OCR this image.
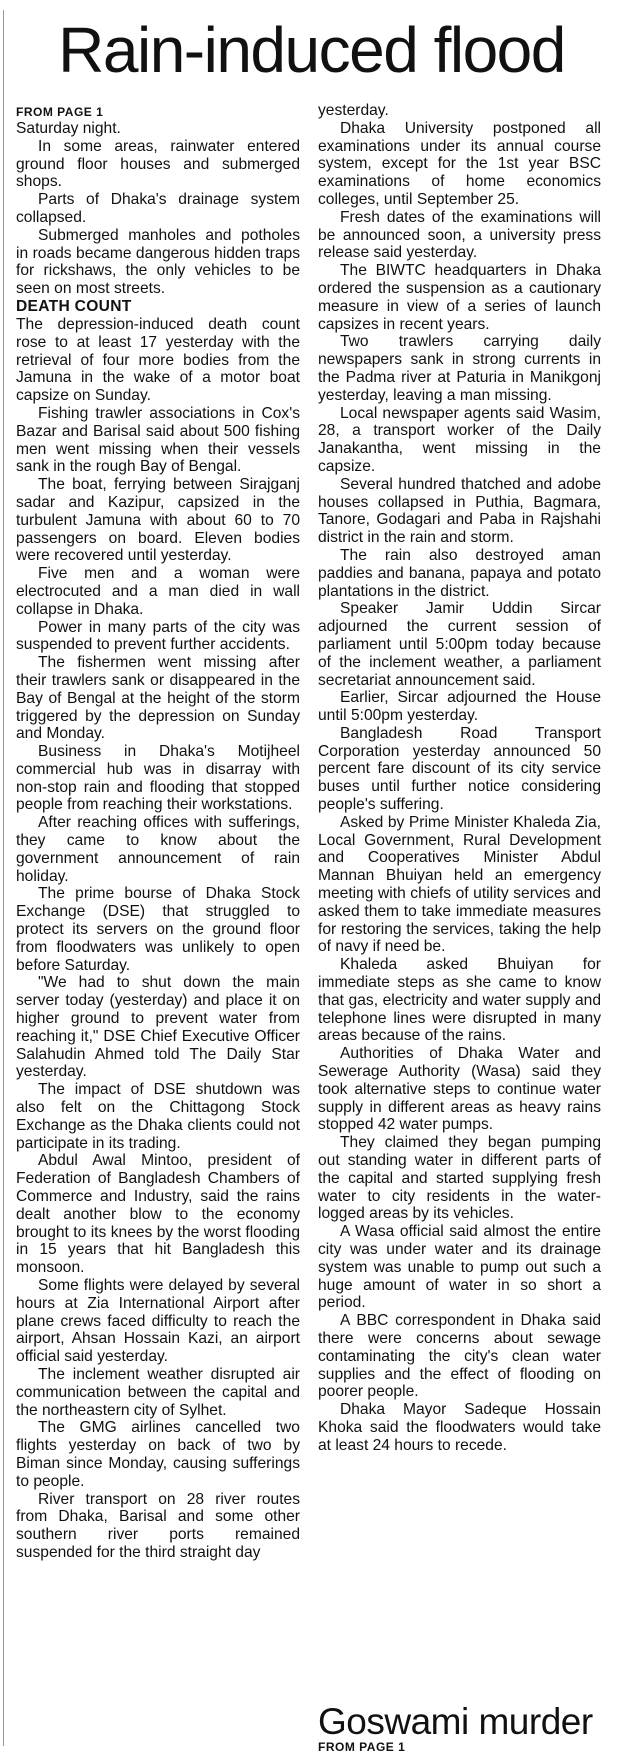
Rain-induced flood
FROM PAGE 1

Saturday night.

In some areas, rainwater entered ground floor houses and submerged shops.

Parts of Dhaka's drainage system collapsed.

Submerged manholes and potholes in roads became dangerous hidden traps for rickshaws, the only vehicles to be seen on most streets.

DEATH COUNT

The depression-induced death count rose to at least 17 yesterday with the retrieval of four more bodies from the Jamuna in the wake of a motor boat capsize on Sunday.

Fishing trawler associations in Cox's Bazar and Barisal said about 500 fishing men went missing when their vessels sank in the rough Bay of Bengal.

The boat, ferrying between Sirajganj sadar and Kazipur, capsized in the turbulent Jamuna with about 60 to 70 passengers on board. Eleven bodies were recovered until yesterday.

Five men and a woman were electrocuted and a man died in wall collapse in Dhaka.

Power in many parts of the city was suspended to prevent further accidents.

The fishermen went missing after their trawlers sank or disappeared in the Bay of Bengal at the height of the storm triggered by the depression on Sunday and Monday.

Business in Dhaka's Motijheel commercial hub was in disarray with non-stop rain and flooding that stopped people from reaching their workstations.

After reaching offices with sufferings, they came to know about the government announcement of rain holiday.

The prime bourse of Dhaka Stock Exchange (DSE) that struggled to protect its servers on the ground floor from floodwaters was unlikely to open before Saturday.

"We had to shut down the main server today (yesterday) and place it on higher ground to prevent water from reaching it," DSE Chief Executive Officer Salahudin Ahmed told The Daily Star yesterday.

The impact of DSE shutdown was also felt on the Chittagong Stock Exchange as the Dhaka clients could not participate in its trading.

Abdul Awal Mintoo, president of Federation of Bangladesh Chambers of Commerce and Industry, said the rains dealt another blow to the economy brought to its knees by the worst flooding in 15 years that hit Bangladesh this monsoon.

Some flights were delayed by several hours at Zia International Airport after plane crews faced difficulty to reach the airport, Ahsan Hossain Kazi, an airport official said yesterday.

The inclement weather disrupted air communication between the capital and the northeastern city of Sylhet.

The GMG airlines cancelled two flights yesterday on back of two by Biman since Monday, causing sufferings to people.

River transport on 28 river routes from Dhaka, Barisal and some other southern river ports remained suspended for the third straight day

yesterday.

Dhaka University postponed all examinations under its annual course system, except for the 1st year BSC examinations of home economics colleges, until September 25.

Fresh dates of the examinations will be announced soon, a university press release said yesterday.

The BIWTC headquarters in Dhaka ordered the suspension as a cautionary measure in view of a series of launch capsizes in recent years.

Two trawlers carrying daily newspapers sank in strong currents in the Padma river at Paturia in Manikgonj yesterday, leaving a man missing.

Local newspaper agents said Wasim, 28, a transport worker of the Daily Janakantha, went missing in the capsize.

Several hundred thatched and adobe houses collapsed in Puthia, Bagmara, Tanore, Godagari and Paba in Rajshahi district in the rain and storm.

The rain also destroyed aman paddies and banana, papaya and potato plantations in the district.

Speaker Jamir Uddin Sircar adjourned the current session of parliament until 5:00pm today because of the inclement weather, a parliament secretariat announcement said.

Earlier, Sircar adjourned the House until 5:00pm yesterday.

Bangladesh Road Transport Corporation yesterday announced 50 percent fare discount of its city service buses until further notice considering people's suffering.

Asked by Prime Minister Khaleda Zia, Local Government, Rural Development and Cooperatives Minister Abdul Mannan Bhuiyan held an emergency meeting with chiefs of utility services and asked them to take immediate measures for restoring the services, taking the help of navy if need be.

Khaleda asked Bhuiyan for immediate steps as she came to know that gas, electricity and water supply and telephone lines were disrupted in many areas because of the rains.

Authorities of Dhaka Water and Sewerage Authority (Wasa) said they took alternative steps to continue water supply in different areas as heavy rains stopped 42 water pumps.

They claimed they began pumping out standing water in different parts of the capital and started supplying fresh water to city residents in the water-logged areas by its vehicles.

A Wasa official said almost the entire city was under water and its drainage system was unable to pump out such a huge amount of water in so short a period.

A BBC correspondent in Dhaka said there were concerns about sewage contaminating the city's clean water supplies and the effect of flooding on poorer people.

Dhaka Mayor Sadeque Hossain Khoka said the floodwaters would take at least 24 hours to recede.

Goswami murder
FROM PAGE 1
